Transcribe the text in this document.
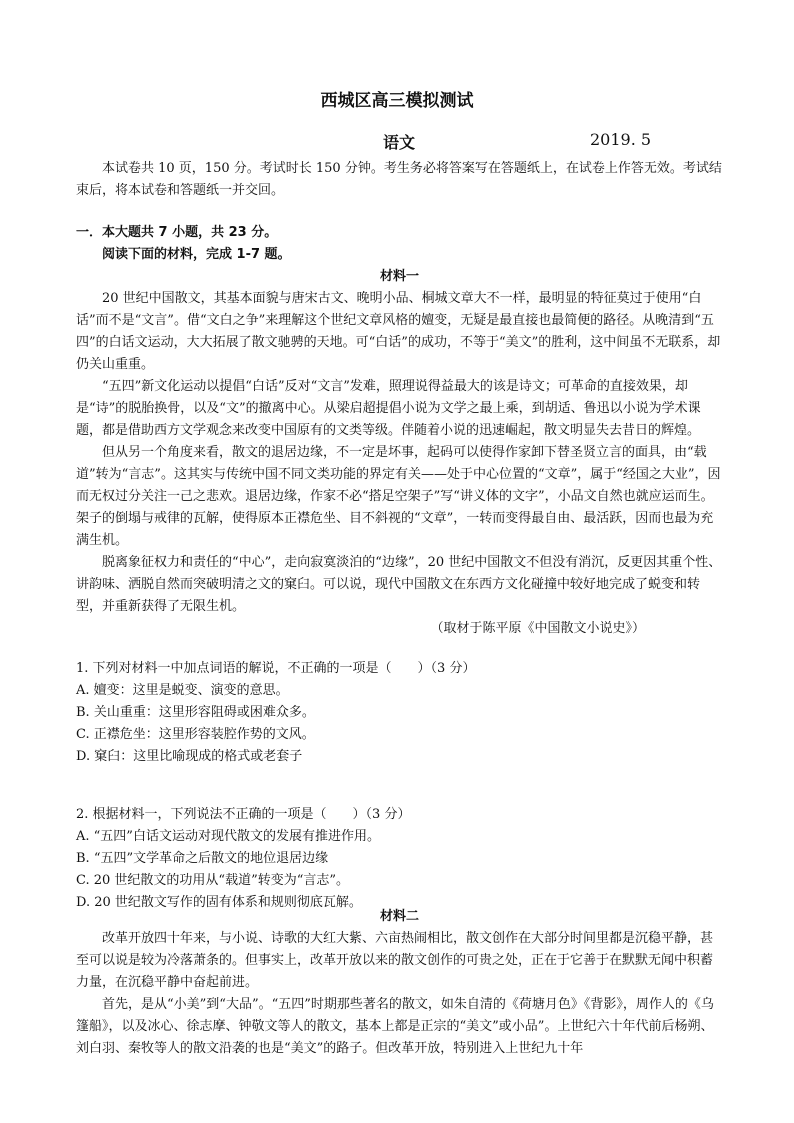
西城区高三模拟测试
语文	2019. 5
本试卷共 10 页，150 分。考试时长 150 分钟。考生务必将答案写在答题纸上，在试卷上作答无效。考试结束后，将本试卷和答题纸一并交回。
一．本大题共 7 小题，共 23 分。
阅读下面的材料，完成 1-7 题。
材料一

20 世纪中国散文，其基本面貌与唐宋古文、晚明小品、桐城文章大不一样，最明显的特征莫过于使用“白话”而不是“文言”。借“文白之争”来理解这个世纪文章风格的嬗变，无疑是最直接也最简便的路径。从晚清到“五四”的白话文运动，大大拓展了散文驰骋的天地。可“白话”的成功，不等于“美文”的胜利，这中间虽不无联系，却仍关山重重。

“五四”新文化运动以提倡“白话”反对“文言”发难，照理说得益最大的该是诗文；可革命的直接效果，却是“诗”的脱胎换骨，以及“文”的撤离中心。从梁启超提倡小说为文学之最上乘，到胡适、鲁迅以小说为学术课题，都是借助西方文学观念来改变中国原有的文类等级。伴随着小说的迅速崛起，散文明显失去昔日的辉煌。

但从另一个角度来看，散文的退居边缘，不一定是坏事，起码可以使得作家卸下替圣贤立言的面具，由“载道”转为“言志”。这其实与传统中国不同文类功能的界定有关——处于中心位置的“文章”，属于“经国之大业”，因而无权过分关注一己之悲欢。退居边缘，作家不必“搭足空架子”写“讲义体的文字”，小品文自然也就应运而生。架子的倒塌与戒律的瓦解，使得原本正襟危坐、目不斜视的“文章”，一转而变得最自由、最活跃，因而也最为充满生机。

脱离象征权力和责任的“中心”，走向寂寞淡泊的“边缘”，20 世纪中国散文不但没有消沉，反更因其重个性、讲韵味、洒脱自然而突破明清之文的窠臼。可以说，现代中国散文在东西方文化碰撞中较好地完成了蜕变和转型，并重新获得了无限生机。

（取材于陈平原《中国散文小说史》）

1. 下列对材料一中加点词语的解说，不正确的一项是（　　）（3 分）

A. 嬗变：这里是蜕变、演变的意思。

B. 关山重重：这里形容阻碍或困难众多。

C. 正襟危坐：这里形容装腔作势的文风。

D. 窠臼：这里比喻现成的格式或老套子

2. 根据材料一，下列说法不正确的一项是（　　）（3 分）

A. “五四”白话文运动对现代散文的发展有推进作用。

B. “五四”文学革命之后散文的地位退居边缘

C. 20 世纪散文的功用从“载道”转变为“言志”。

D. 20 世纪散文写作的固有体系和规则彻底瓦解。

材料二

改革开放四十年来，与小说、诗歌的大红大紫、六亩热闹相比，散文创作在大部分时间里都是沉稳平静，甚至可以说是较为冷落萧条的。但事实上，改革开放以来的散文创作的可贵之处，正在于它善于在默默无闻中积蓄力量，在沉稳平静中奋起前进。

首先，是从“小美”到“大品”。“五四”时期那些著名的散文，如朱自清的《荷塘月色》《背影》，周作人的《乌篷船》，以及冰心、徐志摩、钟敬文等人的散文，基本上都是正宗的“美文”或小品”。上世纪六十年代前后杨朔、刘白羽、秦牧等人的散文沿袭的也是“美文”的路子。但改革开放，特别进入上世纪九十年
